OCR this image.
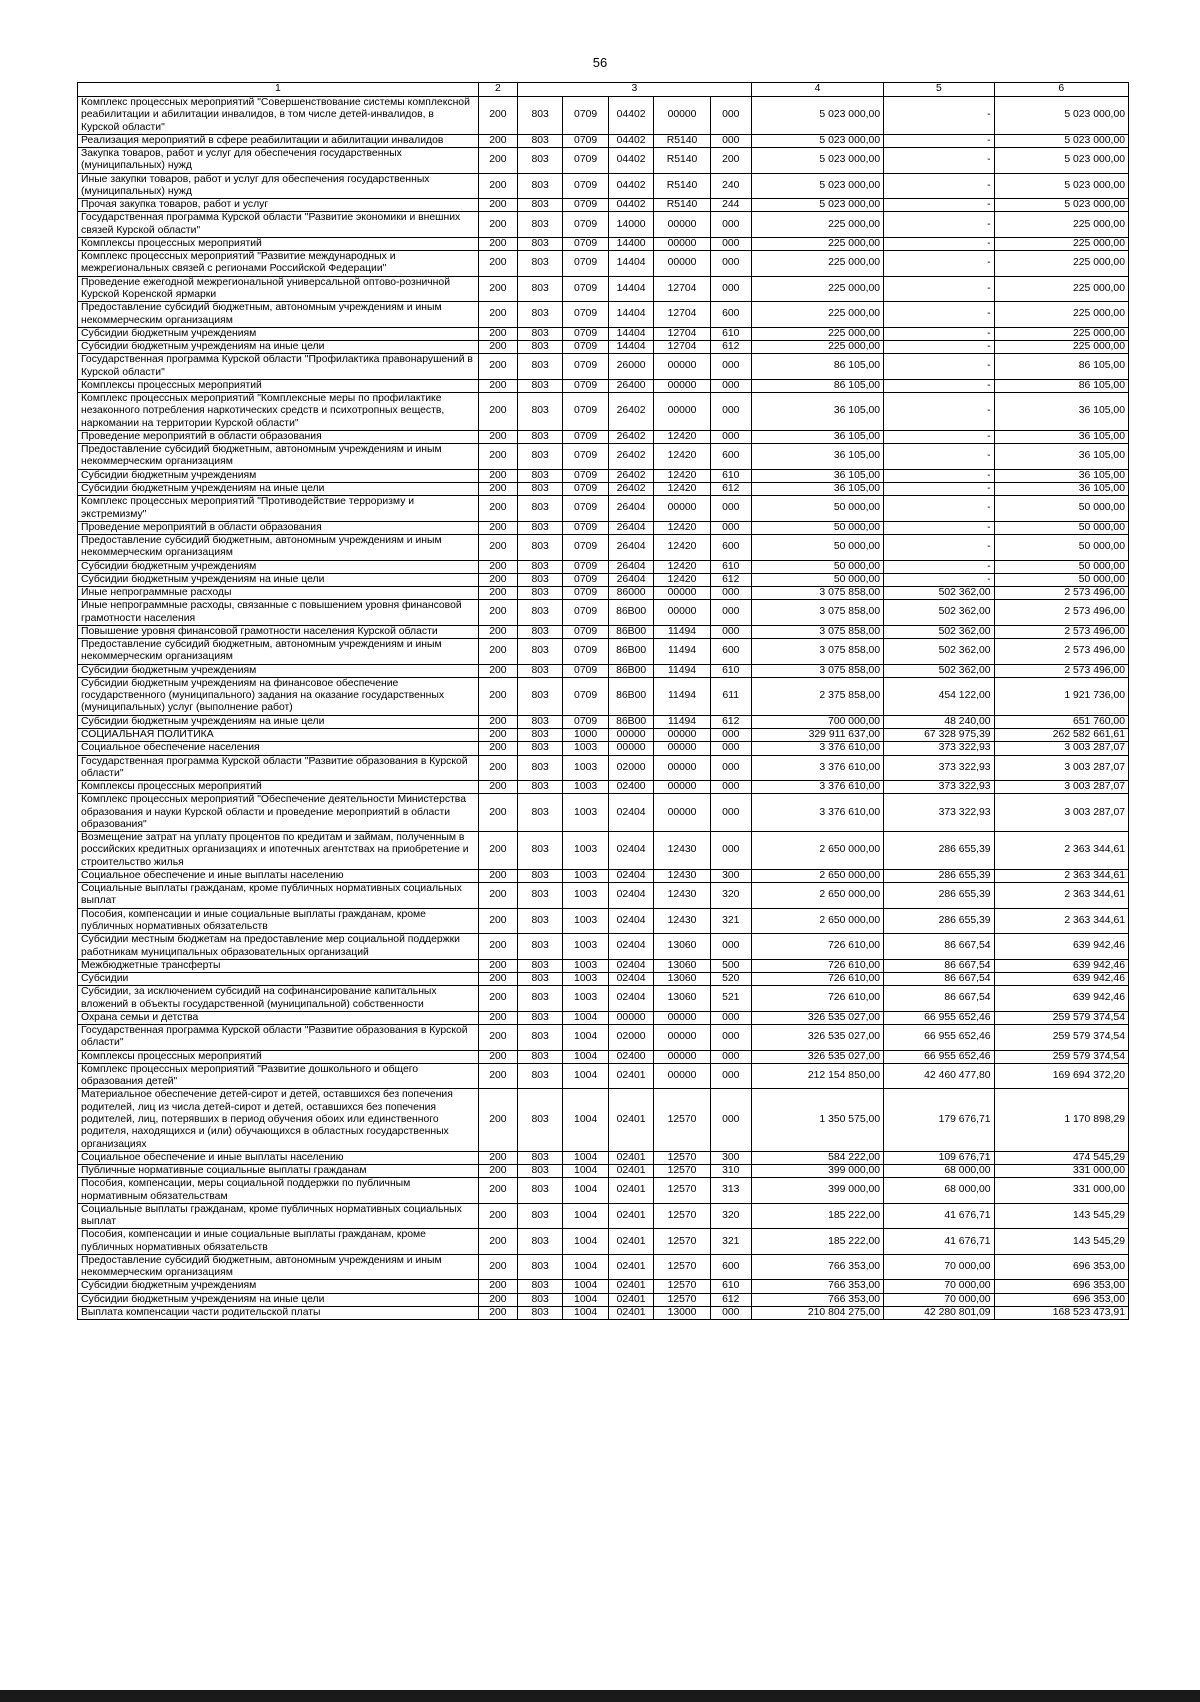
56
1	2	3					4	5	6
Комплекс процессных мероприятий "Совершенствование системы комплексной реабилитации и абилитации инвалидов, в том числе детей-инвалидов, в Курской области"	200	803	0709	04402	00000	000	5 023 000,00	-	5 023 000,00
Реализация мероприятий в сфере реабилитации и абилитации инвалидов	200	803	0709	04402	R5140	000	5 023 000,00	-	5 023 000,00
Закупка товаров, работ и услуг для обеспечения государственных (муниципальных) нужд	200	803	0709	04402	R5140	200	5 023 000,00	-	5 023 000,00
Иные закупки товаров, работ и услуг для обеспечения государственных (муниципальных) нужд	200	803	0709	04402	R5140	240	5 023 000,00	-	5 023 000,00
Прочая закупка товаров, работ и услуг	200	803	0709	04402	R5140	244	5 023 000,00	-	5 023 000,00
Государственная программа Курской области "Развитие экономики и внешних связей Курской области"	200	803	0709	14000	00000	000	225 000,00	-	225 000,00
Комплексы процессных мероприятий	200	803	0709	14400	00000	000	225 000,00	-	225 000,00
Комплекс процессных мероприятий "Развитие международных и межрегиональных связей с регионами Российской Федерации"	200	803	0709	14404	00000	000	225 000,00	-	225 000,00
Проведение ежегодной межрегиональной универсальной оптово-розничной Курской Коренской ярмарки	200	803	0709	14404	12704	000	225 000,00	-	225 000,00
Предоставление субсидий бюджетным, автономным учреждениям и иным некоммерческим организациям	200	803	0709	14404	12704	600	225 000,00	-	225 000,00
Субсидии бюджетным учреждениям	200	803	0709	14404	12704	610	225 000,00	-	225 000,00
Субсидии бюджетным учреждениям на иные цели	200	803	0709	14404	12704	612	225 000,00	-	225 000,00
Государственная программа Курской области "Профилактика правонарушений в Курской области"	200	803	0709	26000	00000	000	86 105,00	-	86 105,00
Комплексы процессных мероприятий	200	803	0709	26400	00000	000	86 105,00	-	86 105,00
Комплекс процессных мероприятий "Комплексные меры по профилактике незаконного потребления наркотических средств и психотропных веществ, наркомании на территории Курской области"	200	803	0709	26402	00000	000	36 105,00	-	36 105,00
Проведение мероприятий в области образования	200	803	0709	26402	12420	000	36 105,00	-	36 105,00
Предоставление субсидий бюджетным, автономным учреждениям и иным некоммерческим организациям	200	803	0709	26402	12420	600	36 105,00	-	36 105,00
Субсидии бюджетным учреждениям	200	803	0709	26402	12420	610	36 105,00	-	36 105,00
Субсидии бюджетным учреждениям на иные цели	200	803	0709	26402	12420	612	36 105,00	-	36 105,00
Комплекс процессных мероприятий "Противодействие терроризму и экстремизму"	200	803	0709	26404	00000	000	50 000,00	-	50 000,00
Проведение мероприятий в области образования	200	803	0709	26404	12420	000	50 000,00	-	50 000,00
Предоставление субсидий бюджетным, автономным учреждениям и иным некоммерческим организациям	200	803	0709	26404	12420	600	50 000,00	-	50 000,00
Субсидии бюджетным учреждениям	200	803	0709	26404	12420	610	50 000,00	-	50 000,00
Субсидии бюджетным учреждениям на иные цели	200	803	0709	26404	12420	612	50 000,00	-	50 000,00
Иные непрограммные расходы	200	803	0709	86000	00000	000	3 075 858,00	502 362,00	2 573 496,00
Иные непрограммные расходы, связанные с повышением уровня финансовой грамотности населения	200	803	0709	86В00	00000	000	3 075 858,00	502 362,00	2 573 496,00
Повышение уровня финансовой грамотности населения Курской области	200	803	0709	86В00	11494	000	3 075 858,00	502 362,00	2 573 496,00
Предоставление субсидий бюджетным, автономным учреждениям и иным некоммерческим организациям	200	803	0709	86В00	11494	600	3 075 858,00	502 362,00	2 573 496,00
Субсидии бюджетным учреждениям	200	803	0709	86В00	11494	610	3 075 858,00	502 362,00	2 573 496,00
Субсидии бюджетным учреждениям на финансовое обеспечение государственного (муниципального) задания на оказание государственных (муниципальных) услуг (выполнение работ)	200	803	0709	86В00	11494	611	2 375 858,00	454 122,00	1 921 736,00
Субсидии бюджетным учреждениям на иные цели	200	803	0709	86В00	11494	612	700 000,00	48 240,00	651 760,00
СОЦИАЛЬНАЯ ПОЛИТИКА	200	803	1000	00000	00000	000	329 911 637,00	67 328 975,39	262 582 661,61
Социальное обеспечение населения	200	803	1003	00000	00000	000	3 376 610,00	373 322,93	3 003 287,07
Государственная программа Курской области "Развитие образования в Курской области"	200	803	1003	02000	00000	000	3 376 610,00	373 322,93	3 003 287,07
Комплексы процессных мероприятий	200	803	1003	02400	00000	000	3 376 610,00	373 322,93	3 003 287,07
Комплекс процессных мероприятий "Обеспечение деятельности Министерства образования и науки Курской области и проведение мероприятий в области образования"	200	803	1003	02404	00000	000	3 376 610,00	373 322,93	3 003 287,07
Возмещение затрат на уплату процентов по кредитам и займам, полученным в российских кредитных организациях и ипотечных агентствах на приобретение и строительство жилья	200	803	1003	02404	12430	000	2 650 000,00	286 655,39	2 363 344,61
Социальное обеспечение и иные выплаты населению	200	803	1003	02404	12430	300	2 650 000,00	286 655,39	2 363 344,61
Социальные выплаты гражданам, кроме публичных нормативных социальных выплат	200	803	1003	02404	12430	320	2 650 000,00	286 655,39	2 363 344,61
Пособия, компенсации и иные социальные выплаты гражданам, кроме публичных нормативных обязательств	200	803	1003	02404	12430	321	2 650 000,00	286 655,39	2 363 344,61
Субсидии местным бюджетам на предоставление мер социальной поддержки работникам муниципальных образовательных организаций	200	803	1003	02404	13060	000	726 610,00	86 667,54	639 942,46
Межбюджетные трансферты	200	803	1003	02404	13060	500	726 610,00	86 667,54	639 942,46
Субсидии	200	803	1003	02404	13060	520	726 610,00	86 667,54	639 942,46
Субсидии, за исключением субсидий на софинансирование капитальных вложений в объекты государственной (муниципальной) собственности	200	803	1003	02404	13060	521	726 610,00	86 667,54	639 942,46
Охрана семьи и детства	200	803	1004	00000	00000	000	326 535 027,00	66 955 652,46	259 579 374,54
Государственная программа Курской области "Развитие образования в Курской области"	200	803	1004	02000	00000	000	326 535 027,00	66 955 652,46	259 579 374,54
Комплексы процессных мероприятий	200	803	1004	02400	00000	000	326 535 027,00	66 955 652,46	259 579 374,54
Комплекс процессных мероприятий "Развитие дошкольного и общего образования детей"	200	803	1004	02401	00000	000	212 154 850,00	42 460 477,80	169 694 372,20
Материальное обеспечение детей-сирот и детей, оставшихся без попечения родителей, лиц из числа детей-сирот и детей, оставшихся без попечения родителей, лиц, потерявших в период обучения обоих или единственного родителя, находящихся и (или) обучающихся в областных государственных организациях	200	803	1004	02401	12570	000	1 350 575,00	179 676,71	1 170 898,29
Социальное обеспечение и иные выплаты населению	200	803	1004	02401	12570	300	584 222,00	109 676,71	474 545,29
Публичные нормативные социальные выплаты гражданам	200	803	1004	02401	12570	310	399 000,00	68 000,00	331 000,00
Пособия, компенсации, меры социальной поддержки по публичным нормативным обязательствам	200	803	1004	02401	12570	313	399 000,00	68 000,00	331 000,00
Социальные выплаты гражданам, кроме публичных нормативных социальных выплат	200	803	1004	02401	12570	320	185 222,00	41 676,71	143 545,29
Пособия, компенсации и иные социальные выплаты гражданам, кроме публичных нормативных обязательств	200	803	1004	02401	12570	321	185 222,00	41 676,71	143 545,29
Предоставление субсидий бюджетным, автономным учреждениям и иным некоммерческим организациям	200	803	1004	02401	12570	600	766 353,00	70 000,00	696 353,00
Субсидии бюджетным учреждениям	200	803	1004	02401	12570	610	766 353,00	70 000,00	696 353,00
Субсидии бюджетным учреждениям на иные цели	200	803	1004	02401	12570	612	766 353,00	70 000,00	696 353,00
Выплата компенсации части родительской платы	200	803	1004	02401	13000	000	210 804 275,00	42 280 801,09	168 523 473,91
